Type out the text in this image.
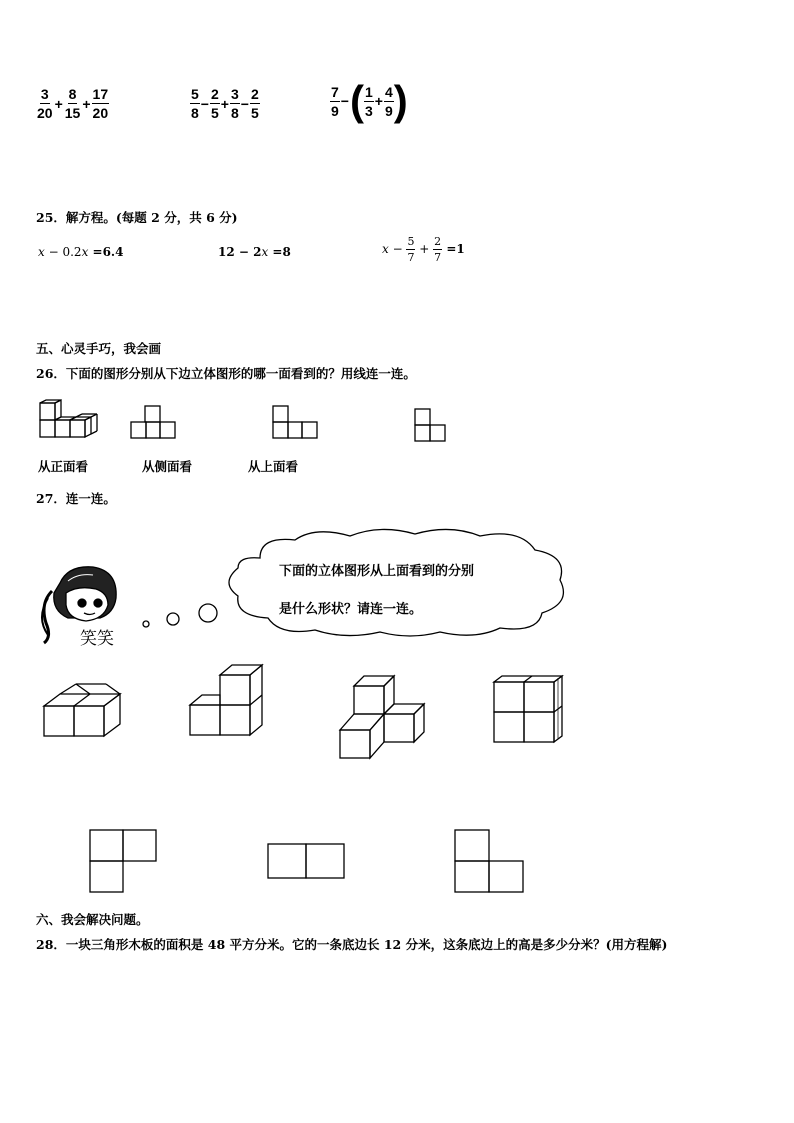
$\frac{3}{20} + \frac{8}{15} + \frac{17}{20}$	$\frac{5}{8} - \frac{2}{5} + \frac{3}{8} - \frac{2}{5}$	$\frac{7}{9}$ −( $\frac{1}{3} + \frac{4}{9}$ )
25．解方程。(每题 2 分，共 6 分)
x − 0.2x =6.4	12 − 2x =8	$x - \frac{5}{7} + \frac{2}{7} =1$
五、心灵手巧，我会画
26．下面的图形分别从下边立体图形的哪一面看到的？用线连一连。
从正面看	从侧面看	从上面看
27．连一连。
笑笑
下面的立体图形从上面看到的分别
是什么形状？请连一连。
六、我会解决问题。
28．一块三角形木板的面积是 48 平方分米。它的一条底边长 12 分米，这条底边上的高是多少分米？(用方程解)
